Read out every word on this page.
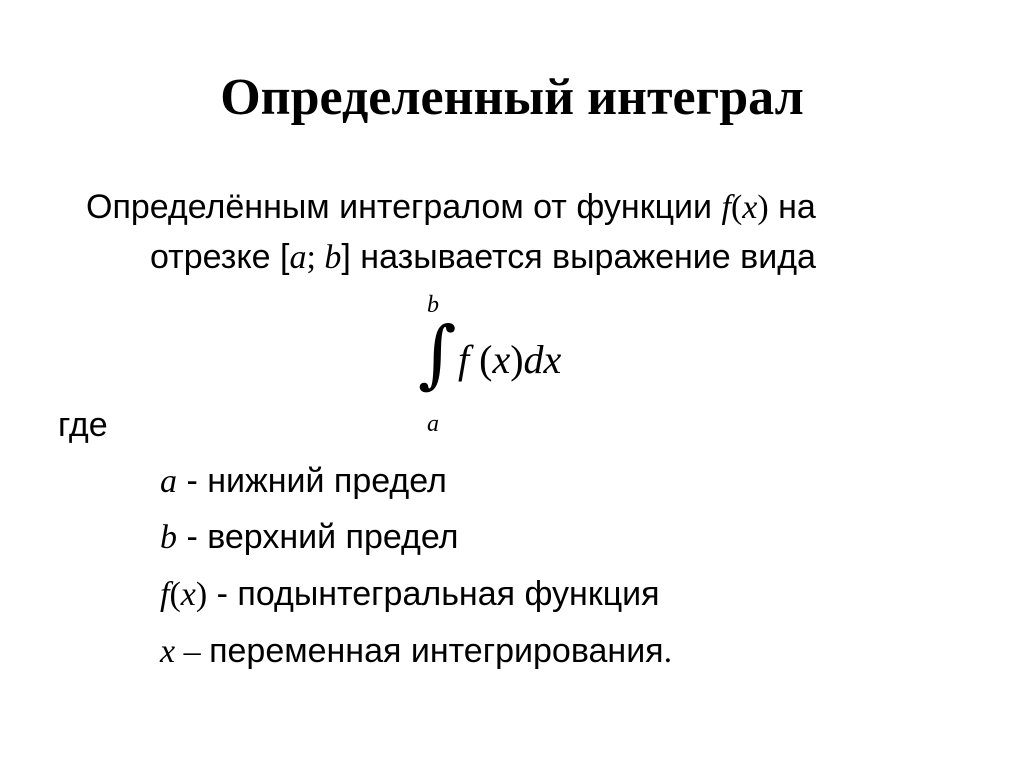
Определенный интеграл
Определённым интегралом от функции f(x) на
отрезке [a; b] называется выражение вида
b
∫
a
f (x)dx
где
a - нижний предел
b - верхний предел
f(x) - подынтегральная функция
x – переменная интегрирования.
